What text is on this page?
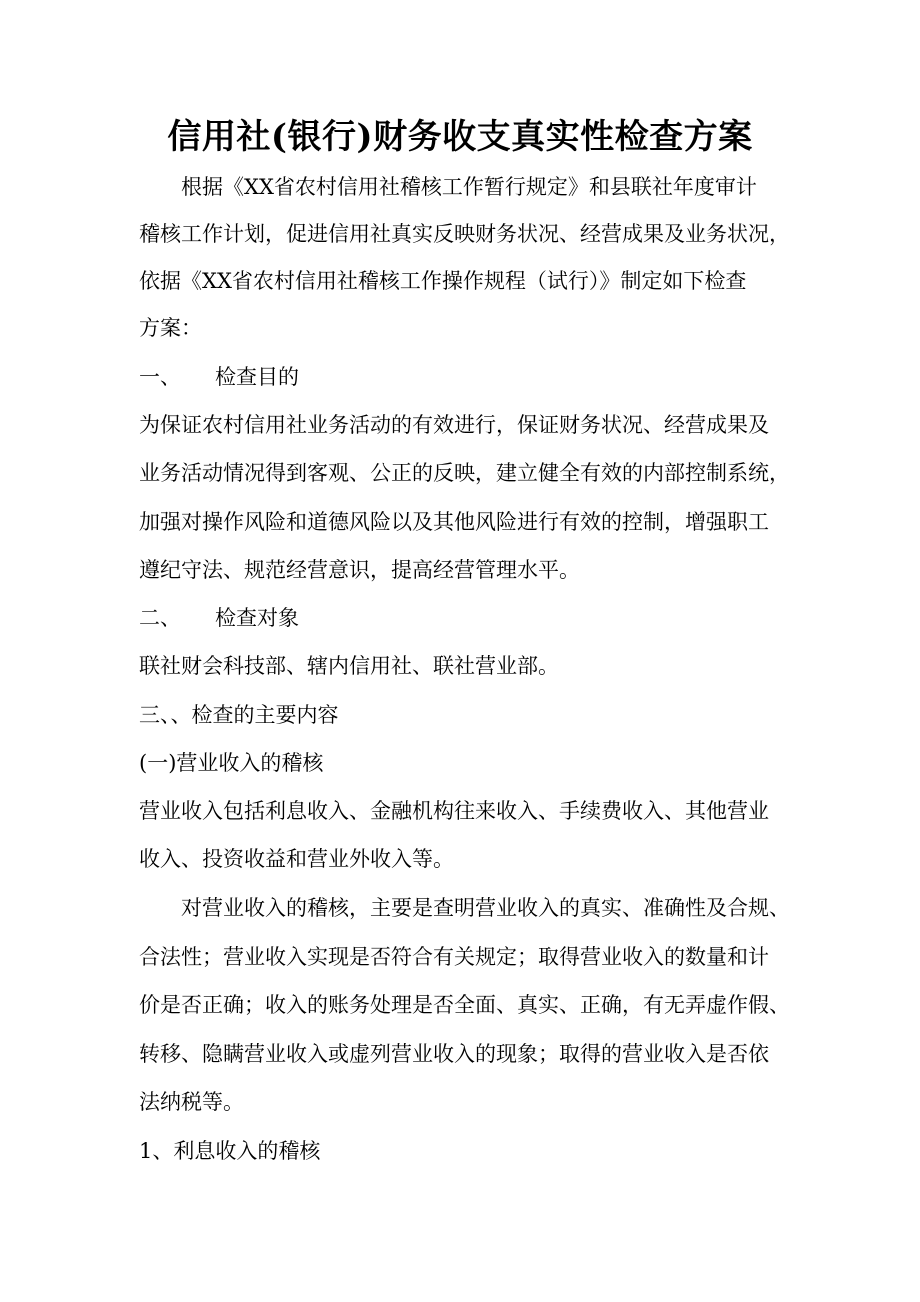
信用社(银行)财务收支真实性检查方案
根据《XX省农村信用社稽核工作暂行规定》和县联社年度审计
稽核工作计划，促进信用社真实反映财务状况、经营成果及业务状况，
依据《XX省农村信用社稽核工作操作规程（试行）》制定如下检查
方案：
一、 检查目的
为保证农村信用社业务活动的有效进行，保证财务状况、经营成果及
业务活动情况得到客观、公正的反映，建立健全有效的内部控制系统，
加强对操作风险和道德风险以及其他风险进行有效的控制，增强职工
遵纪守法、规范经营意识，提高经营管理水平。
二、 检查对象
联社财会科技部、辖内信用社、联社营业部。
三、、检查的主要内容
(一)营业收入的稽核
营业收入包括利息收入、金融机构往来收入、手续费收入、其他营业
收入、投资收益和营业外收入等。
对营业收入的稽核，主要是查明营业收入的真实、准确性及合规、
合法性；营业收入实现是否符合有关规定；取得营业收入的数量和计
价是否正确；收入的账务处理是否全面、真实、正确，有无弄虚作假、
转移、隐瞒营业收入或虚列营业收入的现象；取得的营业收入是否依
法纳税等。
1、利息收入的稽核
